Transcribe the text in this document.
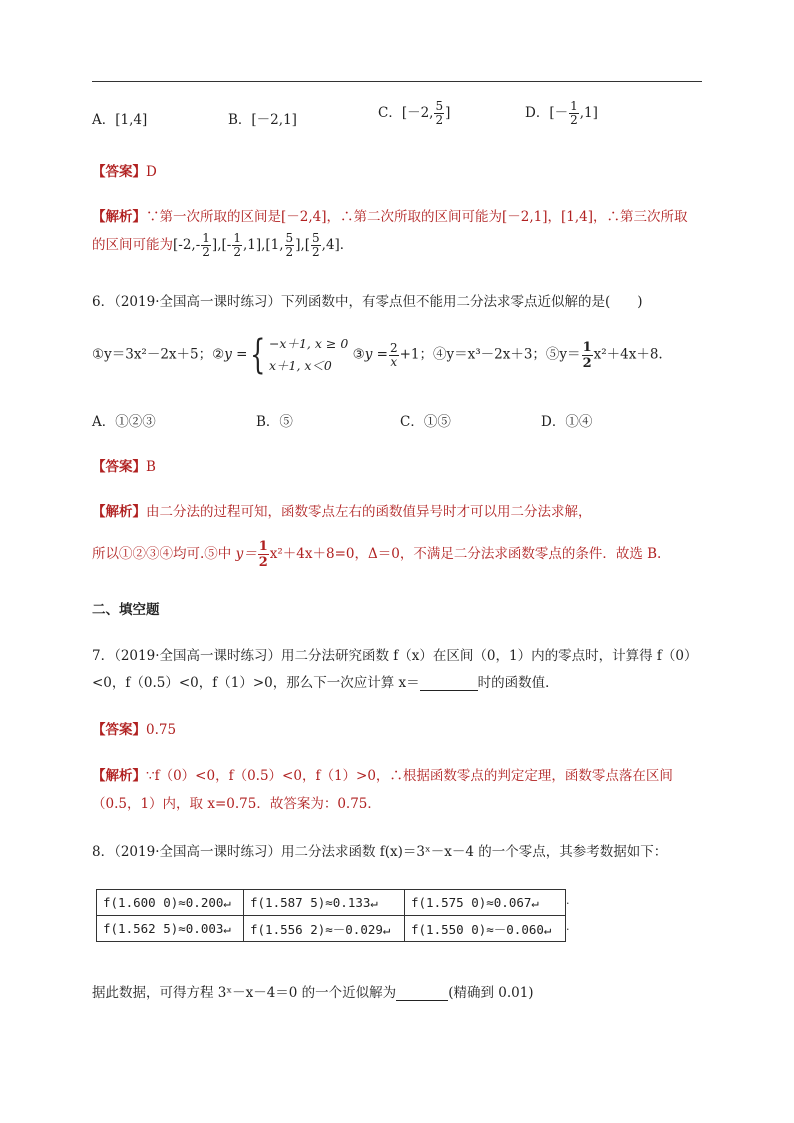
A．[1,4]	B．[－2,1]	C．[－2, $\frac{5}{2}$ ]	D．[－ $\frac{1}{2} ,1$]
【答案】D
【解析】∵第一次所取的区间是[－2,4]，∴第二次所取的区间可能为[－2,1]，[1,4]，∴第三次所取
的区间可能为[$-2,- \frac{1}{2}$ ],[- $\frac{1}{2} ,1],[1$, $\frac{5}{2}$ ],[ $\frac{5}{2} ,4$]．
6．（2019·全国高一课时练习）下列函数中，有零点但不能用二分法求零点近似解的是(　　)
①y＝3x²－2x＋5；②y ={ −x＋1, x ≥ 0
x＋1, x＜0
③y = $\frac{2}{x} +1$；④y＝x³－2x＋3；⑤y＝ $\frac{1}{2} x^2+4x+8$.
A．①②③	B．⑤	C．①⑤	D．①④
【答案】B
【解析】由二分法的过程可知，函数零点左右的函数值异号时才可以用二分法求解，
所以①②③④均可.⑤中 $y= \frac{1}{2} x^2+4x+8=0$，Δ＝0，不满足二分法求函数零点的条件．故选 B.
二、填空题
7．（2019·全国高一课时练习）用二分法研究函数 f（x）在区间（0，1）内的零点时，计算得 f（0）
<0，f（0.5）<0，f（1）>0，那么下一次应计算 x＝	时的函数值．
【答案】0.75
【解析】∵f（0）<0，f（0.5）<0，f（1）>0，∴根据函数零点的判定定理，函数零点落在区间
（0.5，1）内，取 x=0.75．故答案为：0.75．
8．（2019·全国高一课时练习）用二分法求函数 f(x)＝3ˣ－x－4 的一个零点，其参考数据如下：
f(1.600 0)≈0.200↵	f(1.587 5)≈0.133↵	f(1.575 0)≈0.067↵
f(1.562 5)≈0.003↵	f(1.556 2)≈－0.029↵	f(1.550 0)≈－0.060↵
.
.
据此数据，可得方程 3ˣ－x－4＝0 的一个近似解为	(精确到 0.01)
